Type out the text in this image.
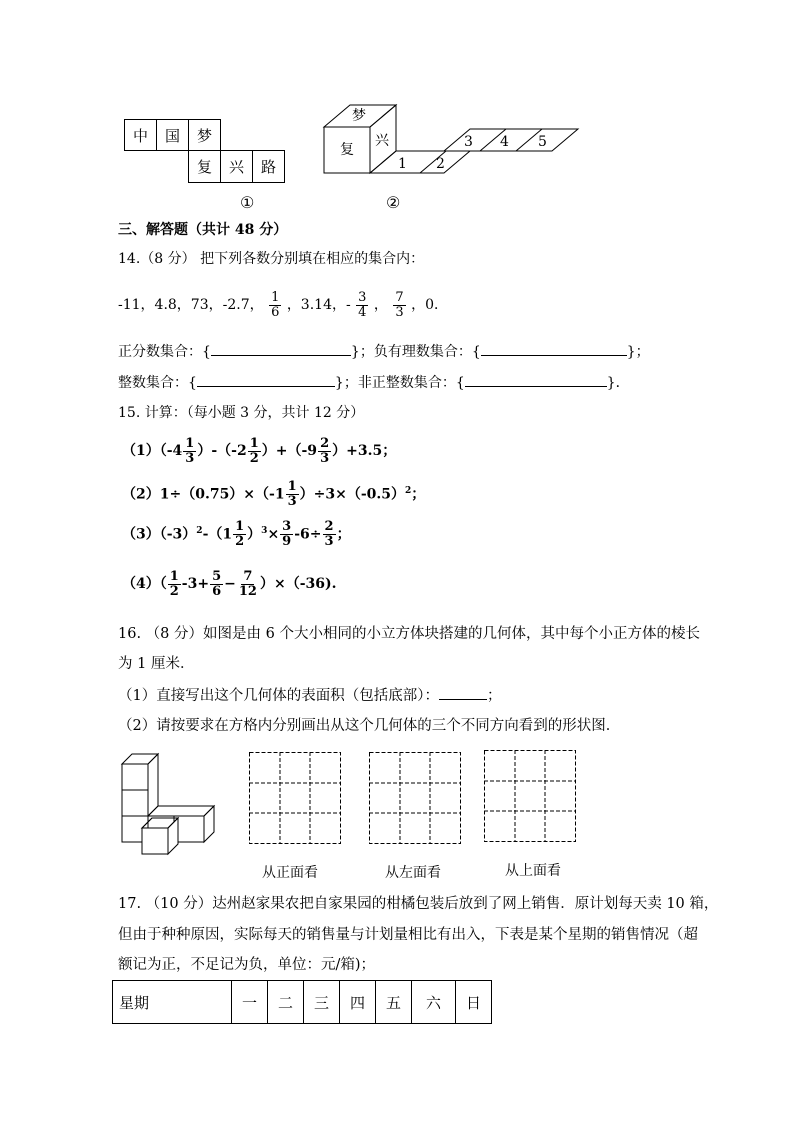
中	国	梦
复	兴	路
①
梦
复
兴
1 2
3 4 5
②
三、解答题（共计 48 分）
14.（8 分） 把下列各数分别填在相应的集合内：
-11，4.8，73，-2.7， $\frac{1}{6}$ ，3.14，- $\frac{3}{4}$ ， $\frac{7}{3}$ ，0．
正分数集合：{	}；负有理数集合：{	}；
整数集合：{	}；非正整数集合：{	}．
15. 计算：（每小题 3 分，共计 12 分）
$(1)(-4 \frac{1}{3} )-(-2 \frac{1}{2} )+(-9 \frac{2}{3} )+3.5$；
$(2)1\div(0.75)\times(-1 \frac{1}{3} )\div 3\times(-0.5)^2$；
$(3)(-3)^2-(1 \frac{1}{2} )^3\times \frac{3}{9} -6\div \frac{2}{3}$ ；
$(4)( \frac{1}{2} -3+ \frac{5}{6} - \frac{7}{12} )\times(-36)$.
16. （8 分）如图是由 6 个大小相同的小立方体块搭建的几何体，其中每个小正方体的棱长
为 1 厘米．
（1）直接写出这个几何体的表面积（包括底部）：	；
（2）请按要求在方格内分别画出从这个几何体的三个不同方向看到的形状图．
从正面看	从左面看	从上面看
17. （10 分）达州赵家果农把自家果园的柑橘包装后放到了网上销售．原计划每天卖 10 箱，
但由于种种原因，实际每天的销售量与计划量相比有出入，下表是某个星期的销售情况（超
额记为正，不足记为负，单位：元/箱)；
星期	一	二	三	四	五	六	日
